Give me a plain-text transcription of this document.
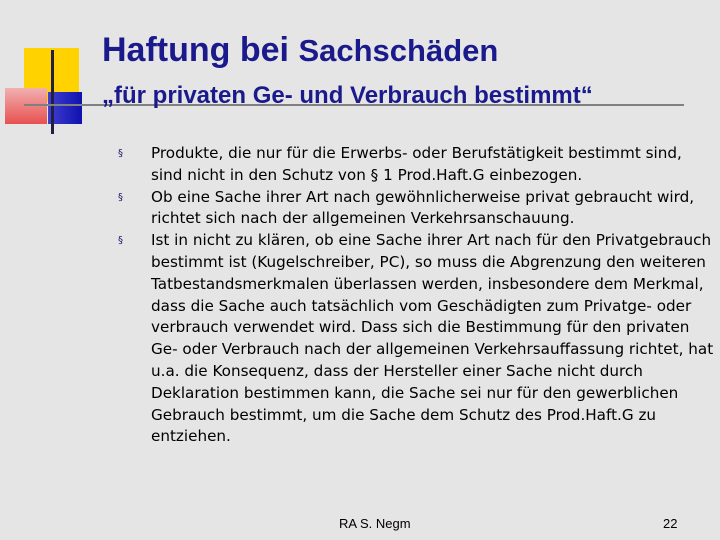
Haftung bei Sachschäden
„für privaten Ge- und Verbrauch bestimmt“
§ Produkte, die nur für die Erwerbs- oder Berufstätigkeit bestimmt sind, sind nicht in den Schutz von § 1 Prod.Haft.G einbezogen.
§ Ob eine Sache ihrer Art nach gewöhnlicherweise privat gebraucht wird, richtet sich nach der allgemeinen Verkehrsanschauung.
§ Ist in nicht zu klären, ob eine Sache ihrer Art nach für den Privatgebrauch bestimmt ist (Kugelschreiber, PC), so muss die Abgrenzung den weiteren Tatbestandsmerkmalen überlassen werden, insbesondere dem Merkmal, dass die Sache auch tatsächlich vom Geschädigten zum Privatge- oder verbrauch verwendet wird. Dass sich die Bestimmung für den privaten Ge- oder Verbrauch nach der allgemeinen Verkehrsauffassung richtet, hat u.a. die Konsequenz, dass der Hersteller einer Sache nicht durch Deklaration bestimmen kann, die Sache sei nur für den gewerblichen Gebrauch bestimmt, um die Sache dem Schutz des Prod.Haft.G zu entziehen.
RA S. Negm	22
